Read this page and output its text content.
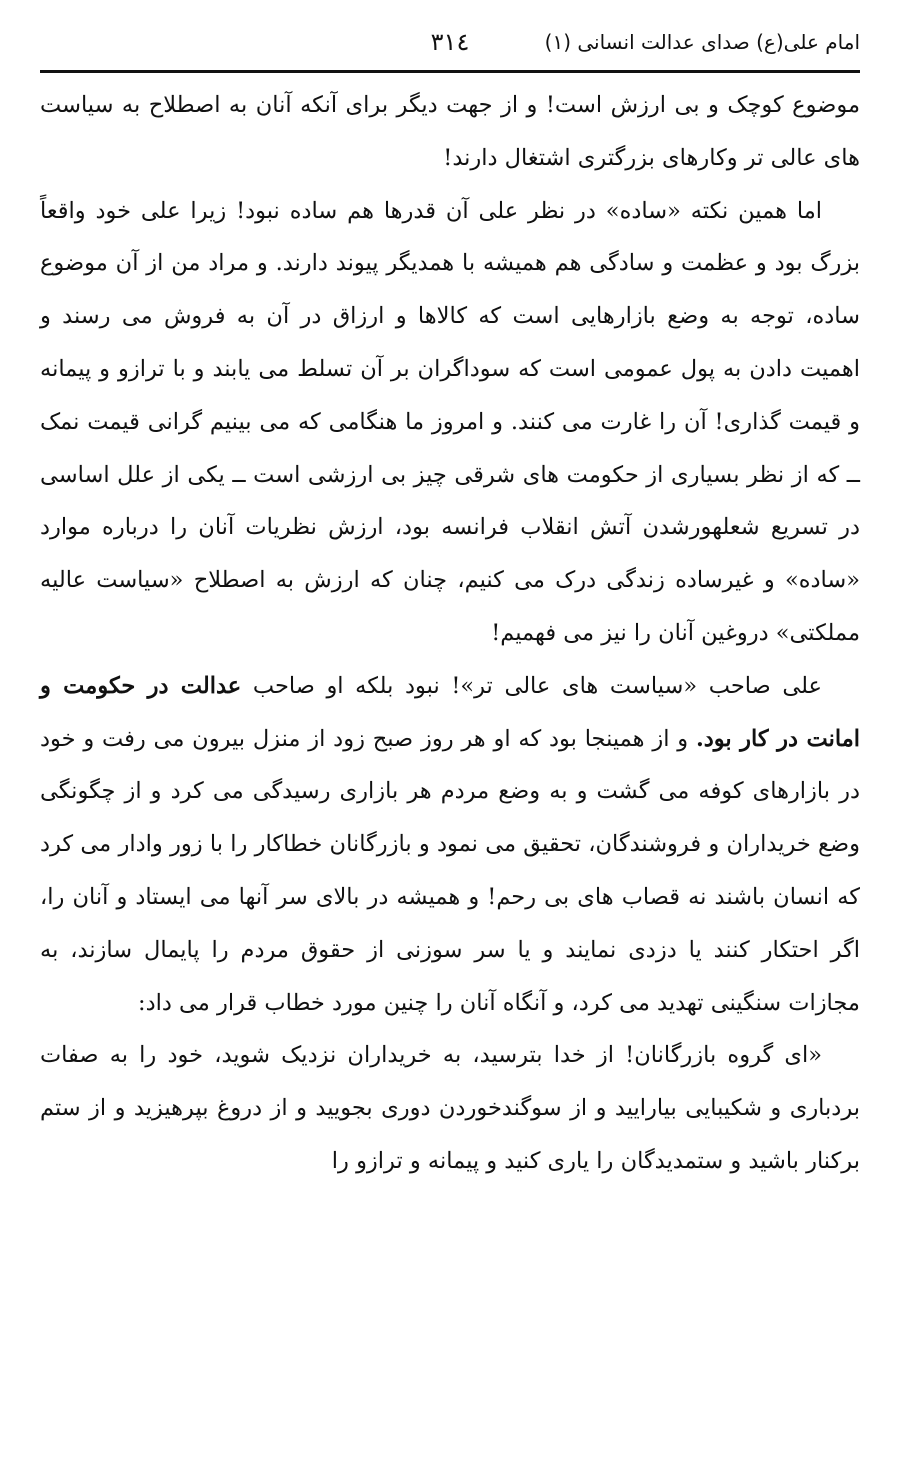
امام علی(ع) صدای عدالت انسانی (۱)
٣١٤

موضوع کوچک و بی ارزش است! و از جهت دیگر برای آنکه آنان به اصطلاح به سیاست های عالی تر وکارهای بزرگتری اشتغال دارند!

اما همین نکته «ساده» در نظر علی آن قدرها هم ساده نبود! زیرا علی خود واقعاً بزرگ بود و عظمت و سادگی هم همیشه با همدیگر پیوند دارند. و مراد من از آن موضوع ساده، توجه به وضع بازارهایی است که کالاها و ارزاق در آن به فروش می رسند و اهمیت دادن به پول عمومی است که سوداگران بر آن تسلط می یابند و با ترازو و پیمانه و قیمت گذاری! آن را غارت می کنند. و امروز ما هنگامی که می بینیم گرانی قیمت نمک ــ که از نظر بسیاری از حکومت های شرقی چیز بی ارزشی است ــ یکی از علل اساسی در تسریع شعلهورشدن آتش انقلاب فرانسه بود، ارزش نظریات آنان را درباره موارد «ساده» و غیرساده زندگی درک می کنیم، چنان که ارزش به اصطلاح «سیاست عالیه مملکتی» دروغین آنان را نیز می فهمیم!

علی صاحب «سیاست های عالی تر»! نبود بلکه او صاحب عدالت در حکومت و امانت در کار بود. و از همینجا بود که او هر روز صبح زود از منزل بیرون می رفت و خود در بازارهای کوفه می گشت و به وضع مردم هر بازاری رسیدگی می کرد و از چگونگی وضع خریداران و فروشندگان، تحقیق می نمود و بازرگانان خطاکار را با زور وادار می کرد که انسان باشند نه قصاب های بی رحم! و همیشه در بالای سر آنها می ایستاد و آنان را، اگر احتکار کنند یا دزدی نمایند و یا سر سوزنی از حقوق مردم را پایمال سازند، به مجازات سنگینی تهدید می کرد، و آنگاه آنان را چنین مورد خطاب قرار می داد:

«ای گروه بازرگانان! از خدا بترسید، به خریداران نزدیک شوید، خود را به صفات بردباری و شکیبایی بیارایید و از سوگندخوردن دوری بجویید و از دروغ بپرهیزید و از ستم برکنار باشید و ستمدیدگان را یاری کنید و پیمانه و ترازو را
